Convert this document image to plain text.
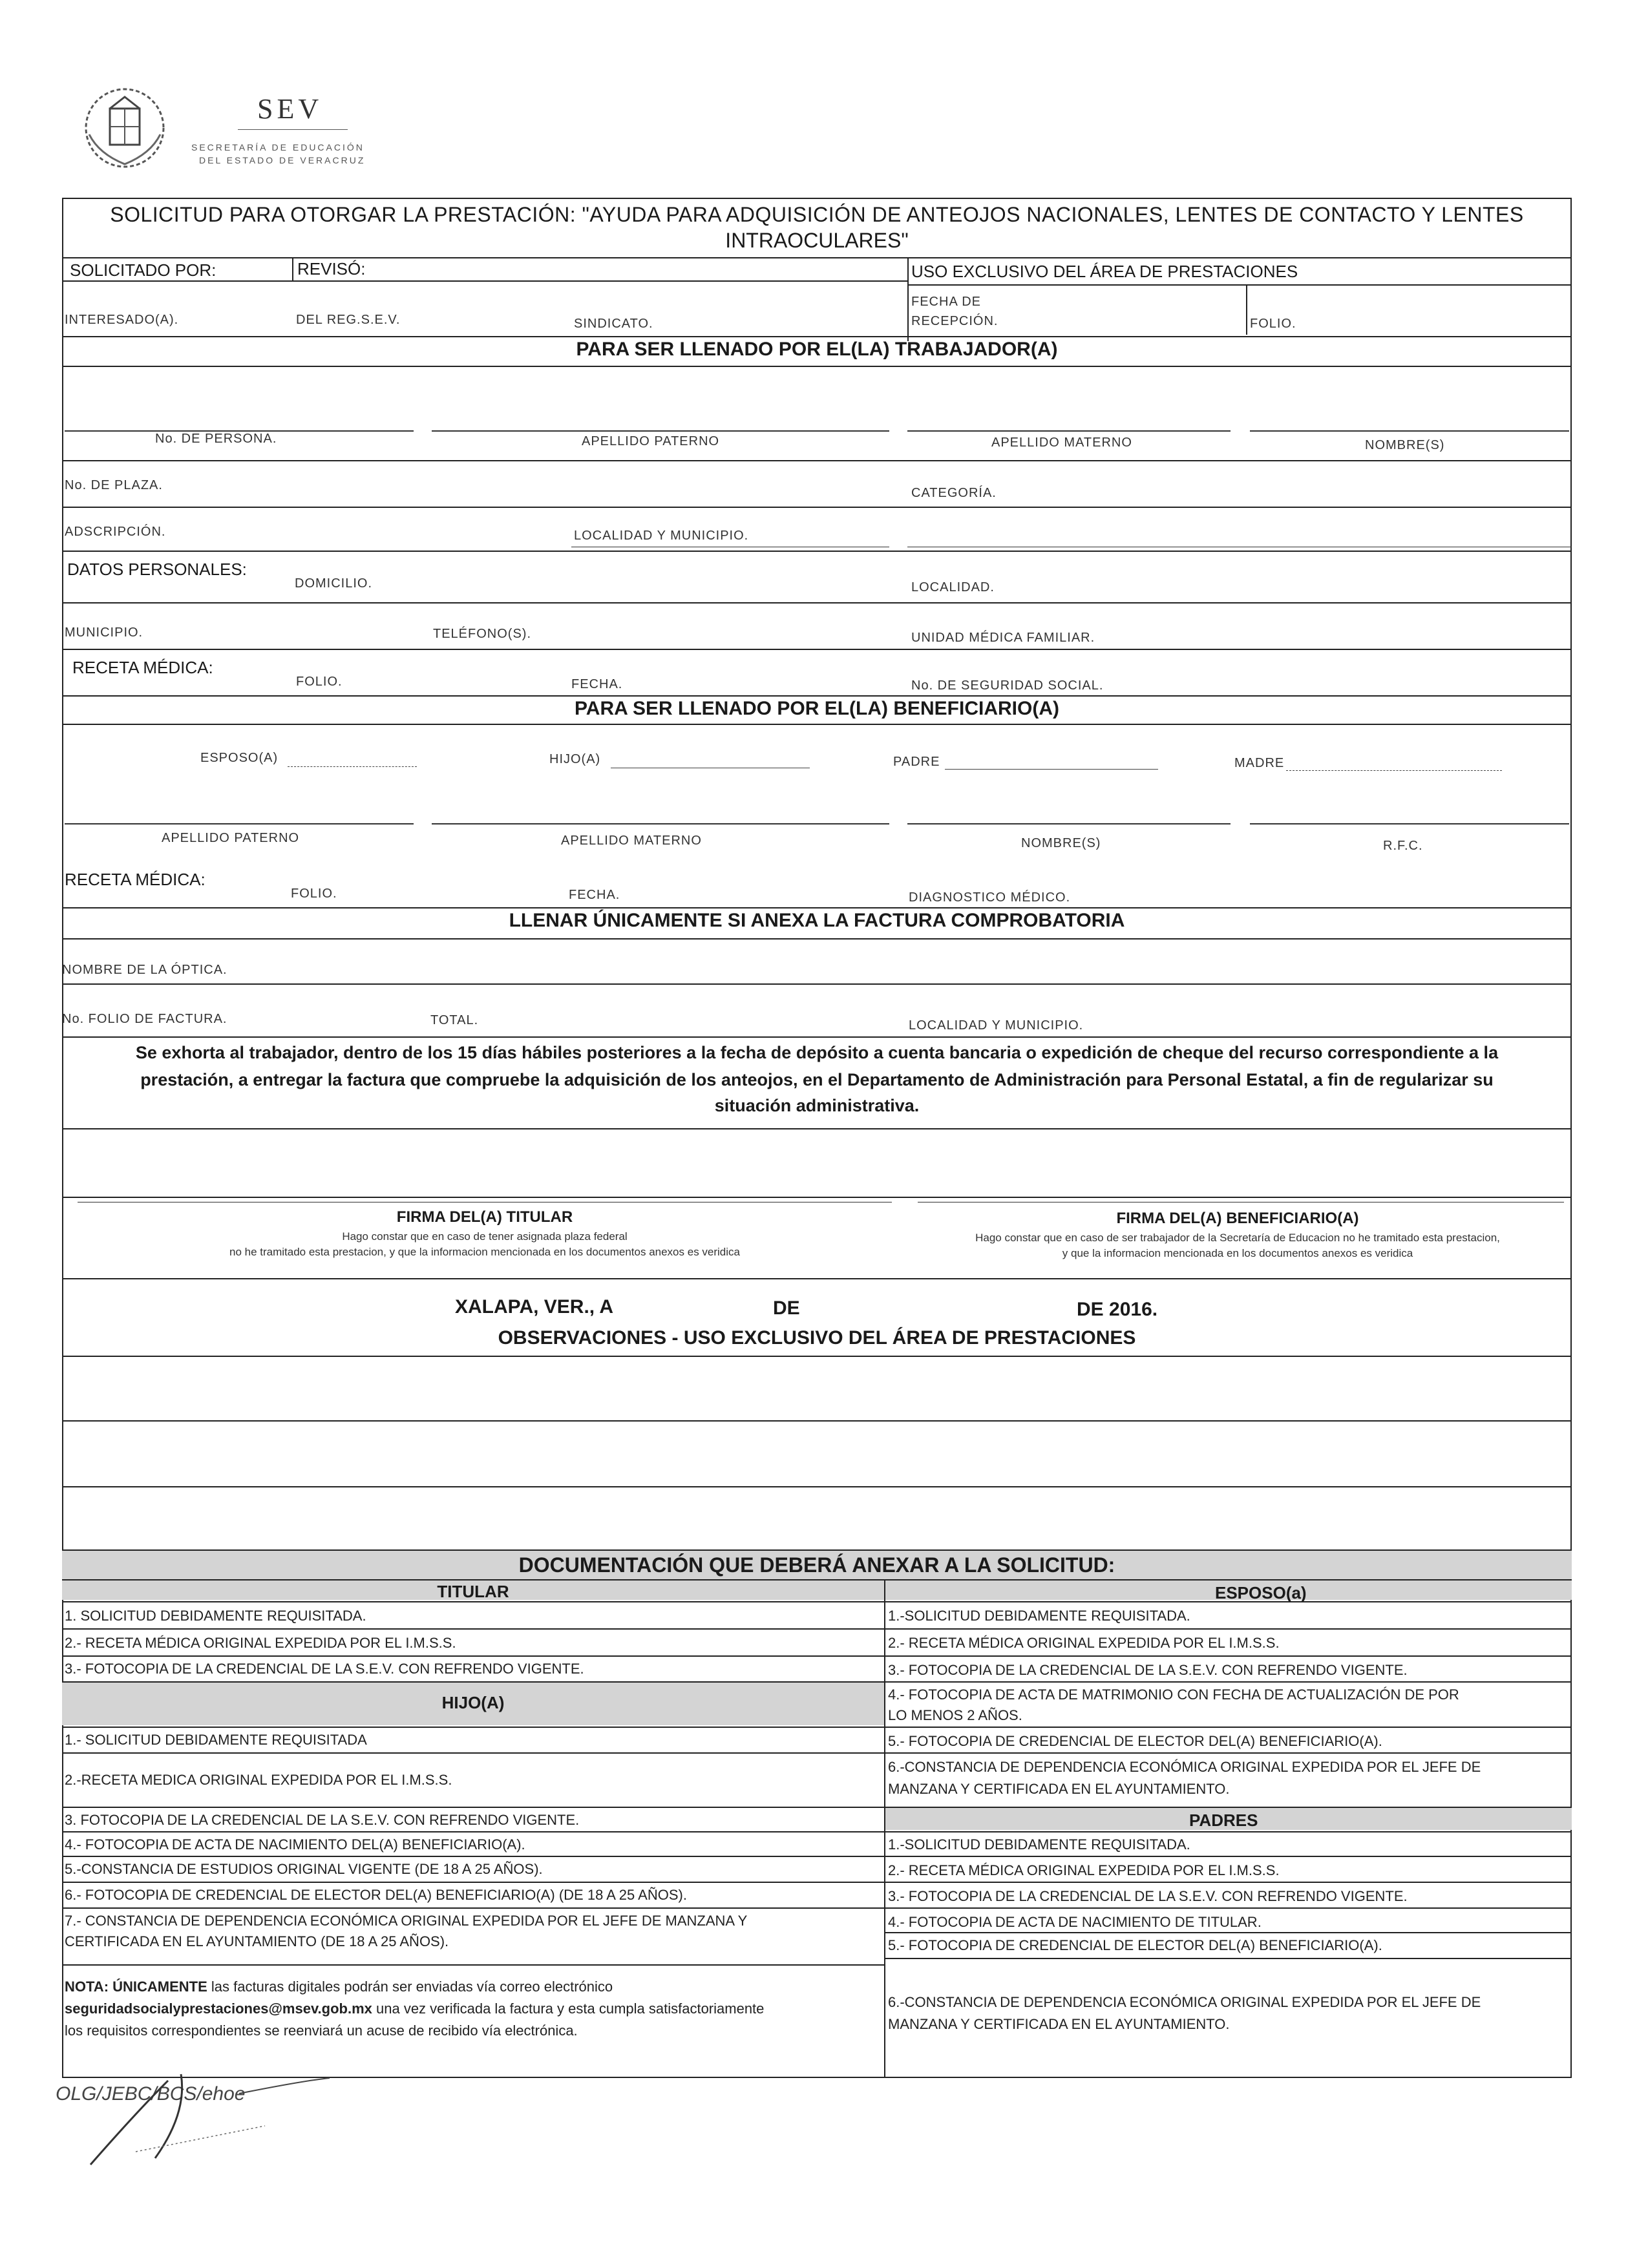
SEV
SECRETARÍA DE EDUCACIÓN
DEL ESTADO DE VERACRUZ
SOLICITUD PARA OTORGAR LA PRESTACIÓN: "AYUDA PARA ADQUISICIÓN DE ANTEOJOS NACIONALES, LENTES DE CONTACTO Y LENTES
INTRAOCULARES"
SOLICITADO POR:	REVISÓ:	USO EXCLUSIVO DEL ÁREA DE PRESTACIONES
INTERESADO(A).	DEL REG.S.E.V.	SINDICATO.
FECHA DE
RECEPCIÓN.	FOLIO.
PARA SER LLENADO POR EL(LA) TRABAJADOR(A)
No. DE PERSONA.	APELLIDO PATERNO	APELLIDO MATERNO	NOMBRE(S)
No. DE PLAZA.
CATEGORÍA.
ADSCRIPCIÓN.	LOCALIDAD Y MUNICIPIO.
DATOS PERSONALES:
DOMICILIO.	LOCALIDAD.
MUNICIPIO.	TELÉFONO(S).	UNIDAD MÉDICA FAMILIAR.
RECETA MÉDICA:
FOLIO.	FECHA.	No. DE SEGURIDAD SOCIAL.
PARA SER LLENADO POR EL(LA) BENEFICIARIO(A)
ESPOSO(A)	HIJO(A)	PADRE	MADRE
APELLIDO PATERNO	APELLIDO MATERNO	NOMBRE(S)	R.F.C.
RECETA MÉDICA:
FOLIO.	FECHA.	DIAGNOSTICO MÉDICO.
LLENAR ÚNICAMENTE SI ANEXA LA FACTURA COMPROBATORIA
NOMBRE DE LA ÓPTICA.
No. FOLIO DE FACTURA.	TOTAL.	LOCALIDAD Y MUNICIPIO.
Se exhorta al trabajador, dentro de los 15 días hábiles posteriores a la fecha de depósito a cuenta bancaria o expedición de cheque del recurso correspondiente a la
prestación, a entregar la factura que compruebe la adquisición de los anteojos, en el Departamento de Administración para Personal Estatal, a fin de regularizar su
situación administrativa.
FIRMA DEL(A) TITULAR
Hago constar que en caso de tener asignada plaza federal
no he tramitado esta prestacion, y que la informacion mencionada en los documentos anexos es veridica
FIRMA DEL(A) BENEFICIARIO(A)
Hago constar que en caso de ser trabajador de la Secretaría de Educacion no he tramitado esta prestacion,
y que la informacion mencionada en los documentos anexos es veridica
XALAPA, VER., A	DE	DE 2016.
OBSERVACIONES - USO EXCLUSIVO DEL ÁREA DE PRESTACIONES
DOCUMENTACIÓN QUE DEBERÁ ANEXAR A LA SOLICITUD:
TITULAR
1. SOLICITUD DEBIDAMENTE REQUISITADA.
2.- RECETA MÉDICA ORIGINAL EXPEDIDA POR EL I.M.S.S.
3.- FOTOCOPIA DE LA CREDENCIAL DE LA S.E.V. CON REFRENDO VIGENTE.
HIJO(A)
1.- SOLICITUD DEBIDAMENTE REQUISITADA
2.-RECETA MEDICA ORIGINAL EXPEDIDA POR EL I.M.S.S.
3. FOTOCOPIA DE LA CREDENCIAL DE LA S.E.V. CON REFRENDO VIGENTE.
4.- FOTOCOPIA DE ACTA DE NACIMIENTO DEL(A) BENEFICIARIO(A).
5.-CONSTANCIA DE ESTUDIOS ORIGINAL VIGENTE (DE 18 A 25 AÑOS).
6.- FOTOCOPIA DE CREDENCIAL DE ELECTOR DEL(A) BENEFICIARIO(A) (DE 18 A 25 AÑOS).
7.- CONSTANCIA DE DEPENDENCIA ECONÓMICA ORIGINAL EXPEDIDA POR EL JEFE DE MANZANA Y
CERTIFICADA EN EL AYUNTAMIENTO (DE 18 A 25 AÑOS).
NOTA: ÚNICAMENTE las facturas digitales podrán ser enviadas vía correo electrónico
seguridadsocialyprestaciones@msev.gob.mx una vez verificada la factura y esta cumpla satisfactoriamente
los requisitos correspondientes se reenviará un acuse de recibido vía electrónica.
ESPOSO(a)
1.-SOLICITUD DEBIDAMENTE REQUISITADA.
2.- RECETA MÉDICA ORIGINAL EXPEDIDA POR EL I.M.S.S.
3.- FOTOCOPIA DE LA CREDENCIAL DE LA S.E.V. CON REFRENDO VIGENTE.
4.- FOTOCOPIA DE ACTA DE MATRIMONIO CON FECHA DE ACTUALIZACIÓN DE POR
LO MENOS 2 AÑOS.
5.- FOTOCOPIA DE CREDENCIAL DE ELECTOR DEL(A) BENEFICIARIO(A).
6.-CONSTANCIA DE DEPENDENCIA ECONÓMICA ORIGINAL EXPEDIDA POR EL JEFE DE
MANZANA Y CERTIFICADA EN EL AYUNTAMIENTO.
PADRES
1.-SOLICITUD DEBIDAMENTE REQUISITADA.
2.- RECETA MÉDICA ORIGINAL EXPEDIDA POR EL I.M.S.S.
3.- FOTOCOPIA DE LA CREDENCIAL DE LA S.E.V. CON REFRENDO VIGENTE.
4.- FOTOCOPIA DE ACTA DE NACIMIENTO DE TITULAR.
5.- FOTOCOPIA DE CREDENCIAL DE ELECTOR DEL(A) BENEFICIARIO(A).
6.-CONSTANCIA DE DEPENDENCIA ECONÓMICA ORIGINAL EXPEDIDA POR EL JEFE DE
MANZANA Y CERTIFICADA EN EL AYUNTAMIENTO.
OLG/JEBC/BCS/ehoe
